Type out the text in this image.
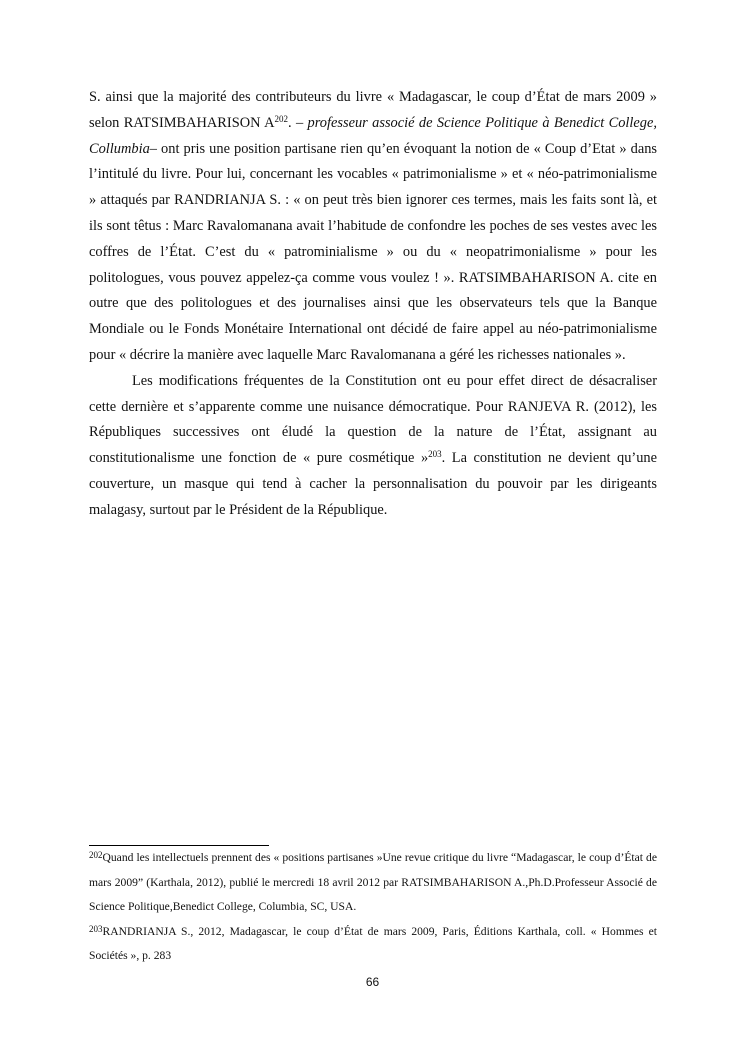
S. ainsi que la majorité des contributeurs du livre « Madagascar, le coup d’État de mars 2009 » selon RATSIMBAHARISON $A^{202}$. – professeur associé de Science Politique à Benedict College, Collumbia– ont pris une position partisane rien qu’en évoquant la notion de « Coup d’Etat » dans l’intitulé du livre. Pour lui, concernant les vocables « patrimonialisme » et « néo-patrimonialisme » attaqués par RANDRIANJA S. : « on peut très bien ignorer ces termes, mais les faits sont là, et ils sont têtus : Marc Ravalomanana avait l’habitude de confondre les poches de ses vestes avec les coffres de l’État. C’est du « patrominialisme » ou du « neopatrimonialisme » pour les politologues, vous pouvez appelez-ça comme vous voulez ! ». RATSIMBAHARISON A. cite en outre que des politologues et des journalises ainsi que les observateurs tels que la Banque Mondiale ou le Fonds Monétaire International ont décidé de faire appel au néo-patrimonialisme pour « décrire la manière avec laquelle Marc Ravalomanana a géré les richesses nationales ».

Les modifications fréquentes de la Constitution ont eu pour effet direct de désacraliser cette dernière et s’apparente comme une nuisance démocratique. Pour RANJEVA R. (2012), les Républiques successives ont éludé la question de la nature de l’État, assignant au constitutionalisme une fonction de « pure cosmétique »$^{203}$. La constitution ne devient qu’une couverture, un masque qui tend à cacher la personnalisation du pouvoir par les dirigeants malagasy, surtout par le Président de la République.

$^{202}$Quand les intellectuels prennent des « positions partisanes »Une revue critique du livre “Madagascar, le coup d’État de mars 2009” (Karthala, 2012), publié le mercredi 18 avril 2012 par RATSIMBAHARISON A.,Ph.D.Professeur Associé de Science Politique,Benedict College, Columbia, SC, USA.

$^{203}$RANDRIANJA S., 2012, Madagascar, le coup d’État de mars 2009, Paris, Éditions Karthala, coll. « Hommes et Sociétés », p. 283

66
